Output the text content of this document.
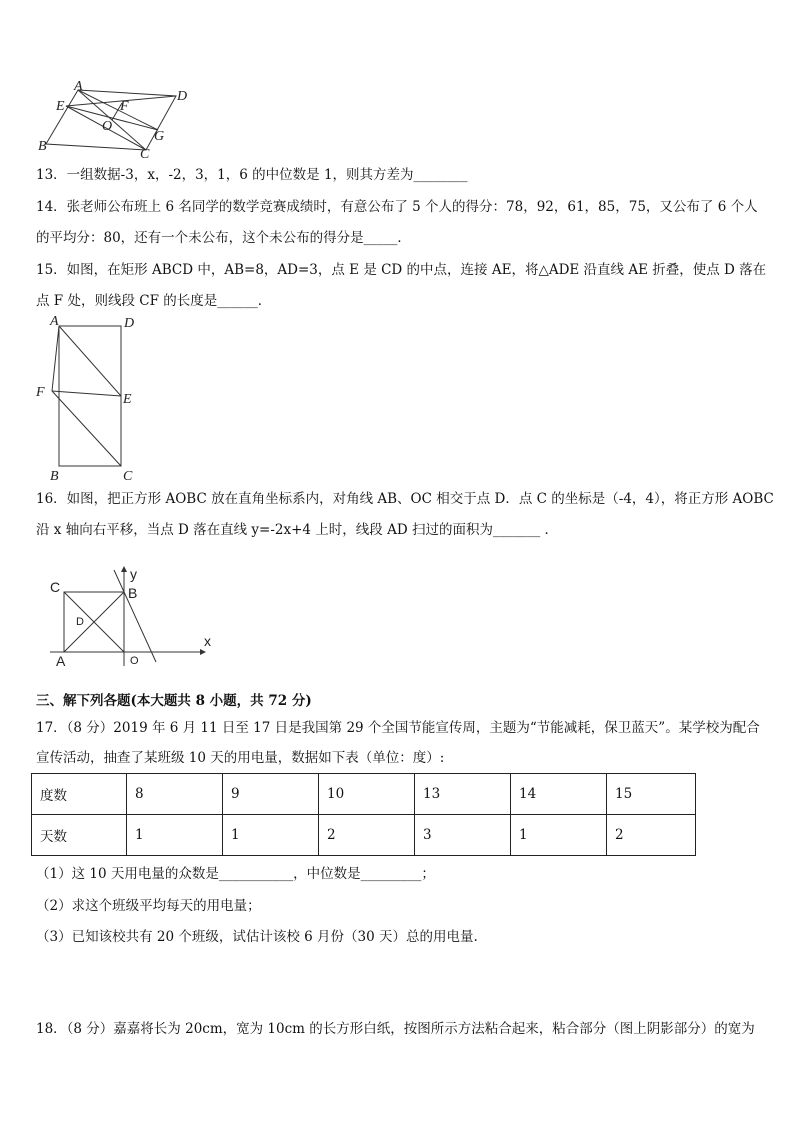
A
E	F
D
O
G
B
C
13．一组数据-3，x，-2，3，1，6 的中位数是 1，则其方差为________
14．张老师公布班上 6 名同学的数学竞赛成绩时，有意公布了 5 个人的得分：78，92，61，85，75，又公布了 6 个人
的平均分：80，还有一个未公布，这个未公布的得分是_____．
15．如图，在矩形 ABCD 中，AB=8，AD=3，点 E 是 CD 的中点，连接 AE，将△ADE 沿直线 AE 折叠，使点 D 落在
点 F 处，则线段 CF 的长度是______．
A	D
F	E
B	C
16．如图，把正方形 AOBC 放在直角坐标系内，对角线 AB、OC 相交于点 D．点 C 的坐标是（-4，4），将正方形 AOBC
沿 x 轴向右平移，当点 D 落在直线 y=-2x+4 上时，线段 AD 扫过的面积为_______ ．
C
y
B
D
x
A	O
三、解下列各题(本大题共 8 小题，共 72 分)
17．（8 分）2019 年 6 月 11 日至 17 日是我国第 29 个全国节能宣传周，主题为“节能减耗，保卫蓝天”。某学校为配合
宣传活动，抽查了某班级 10 天的用电量，数据如下表（单位：度）:
度数	8	9	10	13	14	15
天数	1	1	2	3	1	2
（1）这 10 天用电量的众数是___________，中位数是_________；
（2）求这个班级平均每天的用电量；
（3）已知该校共有 20 个班级，试估计该校 6 月份（30 天）总的用电量.
18．（8 分）嘉嘉将长为 20cm，宽为 10cm 的长方形白纸，按图所示方法粘合起来，粘合部分（图上阴影部分）的宽为
